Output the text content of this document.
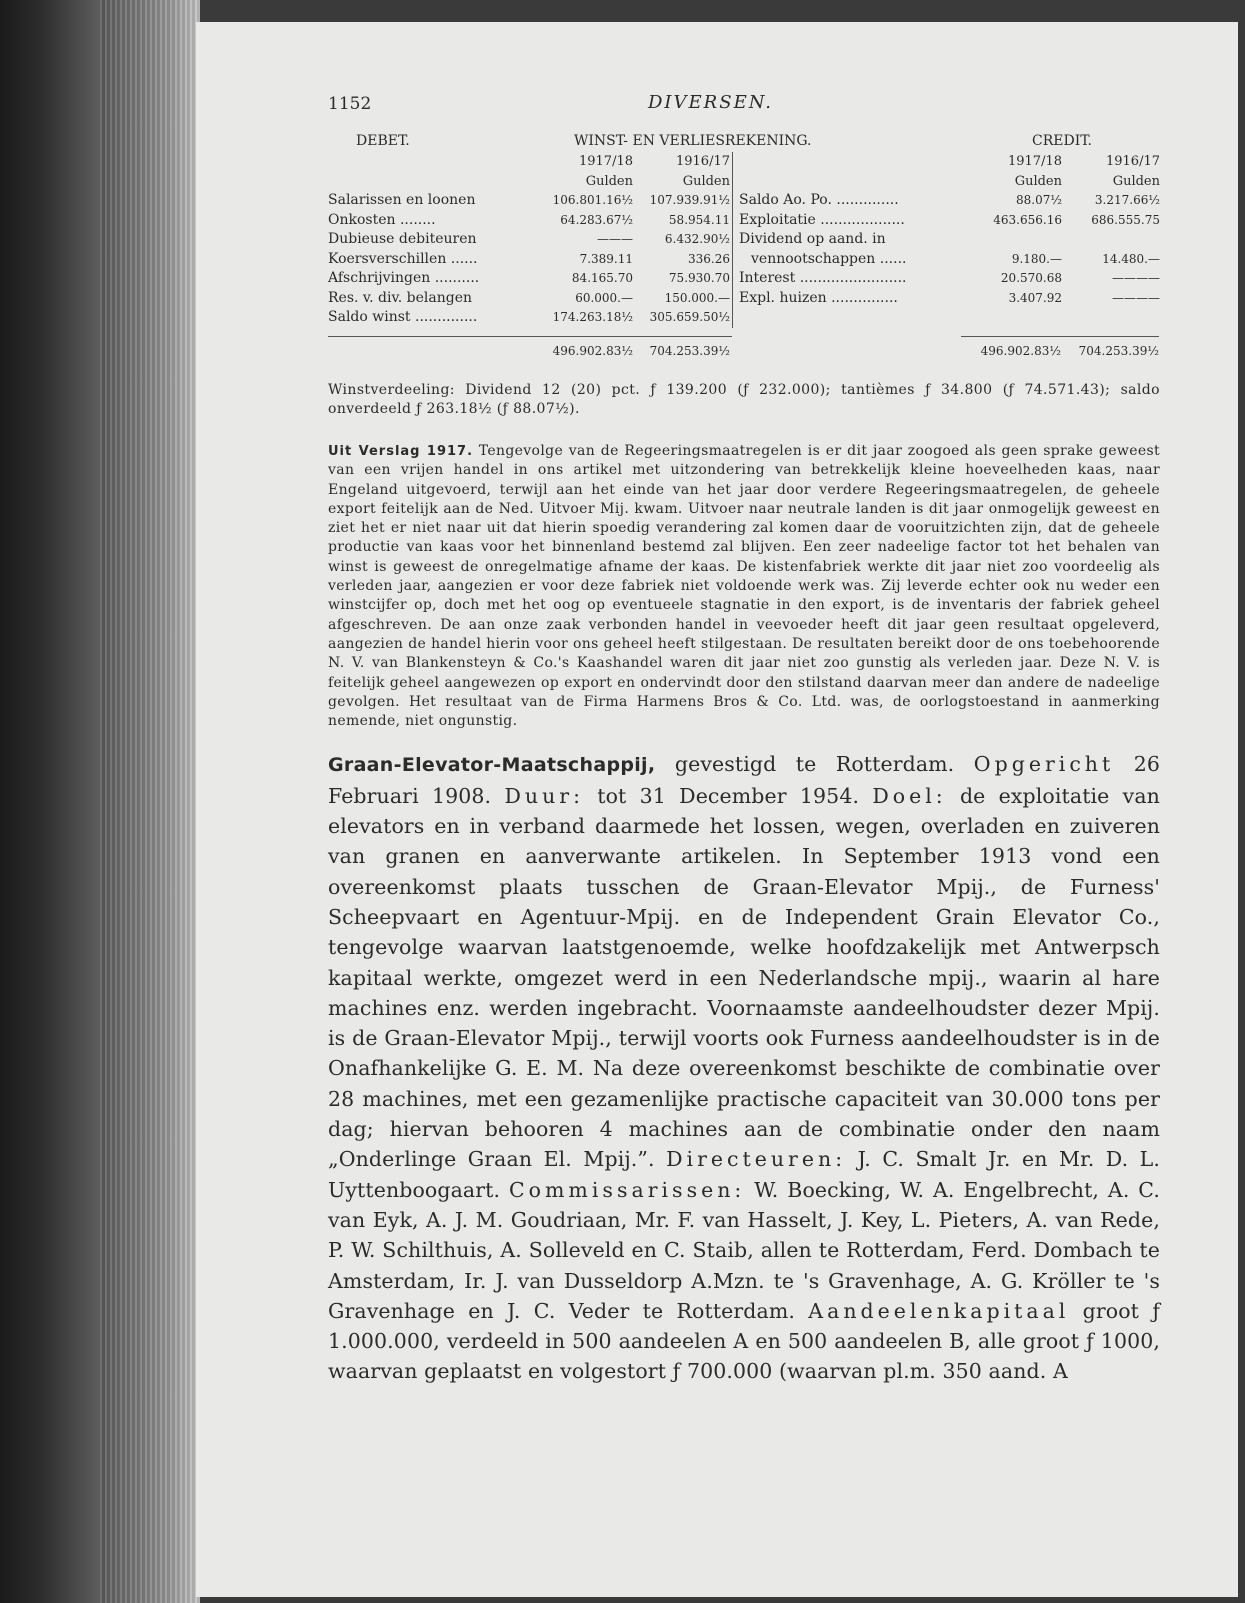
1152	DIVERSEN.
DEBET.	WINST- EN VERLIESREKENING.	CREDIT.
1917/18	1916/17
Gulden	Gulden
Salarissen en loonen	106.801.16½	107.939.91½
Onkosten ........	64.283.67½	58.954.11
Dubieuse debiteuren	———	6.432.90½
Koersverschillen ......	7.389.11	336.26
Afschrijvingen ..........	84.165.70	75.930.70
Res. v. div. belangen	60.000.—	150.000.—
Saldo winst ..............	174.263.18½	305.659.50½
1917/18	1916/17
Gulden	Gulden
Saldo Ao. Po. ..............	88.07½	3.217.66½
Exploitatie ...................	463.656.16	686.555.75
Dividend op aand. in
vennootschappen ......	9.180.—	14.480.—
Interest ........................	20.570.68	————
Expl. huizen ...............	3.407.92	————
496.902.83½	704.253.39½	496.902.83½	704.253.39½
Winstverdeeling: Dividend 12 (20) pct. ƒ 139.200 (ƒ 232.000); tantièmes ƒ 34.800 (ƒ 74.571.43); saldo onverdeeld ƒ 263.18½ (ƒ 88.07½).
Uit Verslag 1917. Tengevolge van de Regeeringsmaatregelen is er dit jaar zoogoed als geen sprake geweest van een vrijen handel in ons artikel met uitzondering van betrekkelijk kleine hoeveelheden kaas, naar Engeland uitgevoerd, terwijl aan het einde van het jaar door verdere Regeeringsmaatregelen, de geheele export feitelijk aan de Ned. Uitvoer Mij. kwam. Uitvoer naar neutrale landen is dit jaar onmogelijk geweest en ziet het er niet naar uit dat hierin spoedig verandering zal komen daar de vooruitzichten zijn, dat de geheele productie van kaas voor het binnenland bestemd zal blijven. Een zeer nadeelige factor tot het behalen van winst is geweest de onregelmatige afname der kaas. De kistenfabriek werkte dit jaar niet zoo voordeelig als verleden jaar, aangezien er voor deze fabriek niet voldoende werk was. Zij leverde echter ook nu weder een winstcijfer op, doch met het oog op eventueele stagnatie in den export, is de inventaris der fabriek geheel afgeschreven. De aan onze zaak verbonden handel in veevoeder heeft dit jaar geen resultaat opgeleverd, aangezien de handel hierin voor ons geheel heeft stilgestaan. De resultaten bereikt door de ons toebehoorende N. V. van Blankensteyn & Co.'s Kaashandel waren dit jaar niet zoo gunstig als verleden jaar. Deze N. V. is feitelijk geheel aangewezen op export en ondervindt door den stilstand daarvan meer dan andere de nadeelige gevolgen. Het resultaat van de Firma Harmens Bros & Co. Ltd. was, de oorlogstoestand in aanmerking nemende, niet ongunstig.
Graan-Elevator-Maatschappij, gevestigd te Rotterdam. Opgericht 26 Februari 1908. Duur: tot 31 December 1954. Doel: de exploitatie van elevators en in verband daarmede het lossen, wegen, overladen en zuiveren van granen en aanverwante artikelen. In September 1913 vond een overeenkomst plaats tusschen de Graan-Elevator Mpij., de Furness' Scheepvaart en Agentuur-Mpij. en de Independent Grain Elevator Co., tengevolge waarvan laatstgenoemde, welke hoofdzakelijk met Antwerpsch kapitaal werkte, omgezet werd in een Nederlandsche mpij., waarin al hare machines enz. werden ingebracht. Voornaamste aandeelhoudster dezer Mpij. is de Graan-Elevator Mpij., terwijl voorts ook Furness aandeelhoudster is in de Onafhankelijke G. E. M. Na deze overeenkomst beschikte de combinatie over 28 machines, met een gezamenlijke practische capaciteit van 30.000 tons per dag; hiervan behooren 4 machines aan de combinatie onder den naam „Onderlinge Graan El. Mpij.”. Directeuren: J. C. Smalt Jr. en Mr. D. L. Uyttenboogaart. Commissarissen: W. Boecking, W. A. Engelbrecht, A. C. van Eyk, A. J. M. Goudriaan, Mr. F. van Hasselt, J. Key, L. Pieters, A. van Rede, P. W. Schilthuis, A. Solleveld en C. Staib, allen te Rotterdam, Ferd. Dombach te Amsterdam, Ir. J. van Dusseldorp A.Mzn. te 's Gravenhage, A. G. Kröller te 's Gravenhage en J. C. Veder te Rotterdam. Aandeelenkapitaal groot ƒ 1.000.000, verdeeld in 500 aandeelen A en 500 aandeelen B, alle groot ƒ 1000, waarvan geplaatst en volgestort ƒ 700.000 (waarvan pl.m. 350 aand. A
